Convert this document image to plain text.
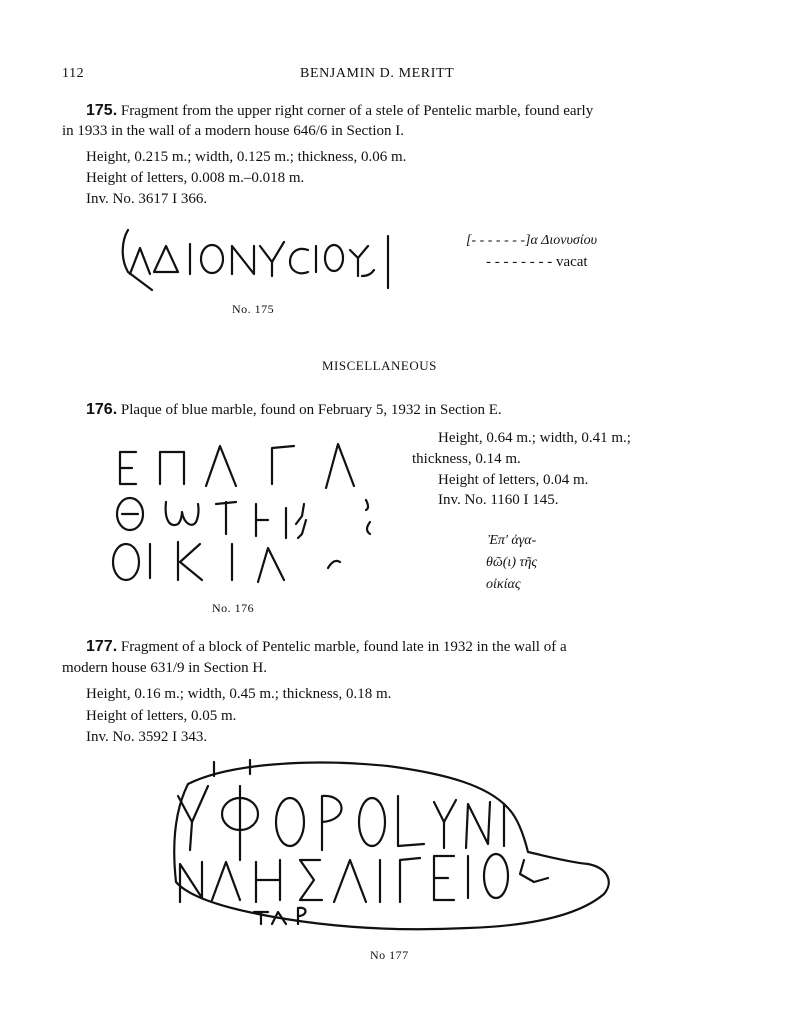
112	BENJAMIN D. MERITT
175. Fragment from the upper right corner of a stele of Pentelic marble, found early
in 1933 in the wall of a modern house 646/6 in Section I.
Height, 0.215 m.; width, 0.125 m.; thickness, 0.06 m.
Height of letters, 0.008 m.–0.018 m.
Inv. No. 3617 I 366.
[- - - - - - -]α Διονυσίου
- - - - - - - - vacat
No. 175
MISCELLANEOUS
176. Plaque of blue marble, found on February 5, 1932 in Section E.
Height, 0.64 m.; width, 0.41 m.;
thickness, 0.14 m.
Height of letters, 0.04 m.
Inv. No. 1160 I 145.
Ἐπ' ἀγα-
θῶ(ι) τῆς
οἰκίας
No. 176
177. Fragment of a block of Pentelic marble, found late in 1932 in the wall of a
modern house 631/9 in Section H.
Height, 0.16 m.; width, 0.45 m.; thickness, 0.18 m.
Height of letters, 0.05 m.
Inv. No. 3592 I 343.
No 177
